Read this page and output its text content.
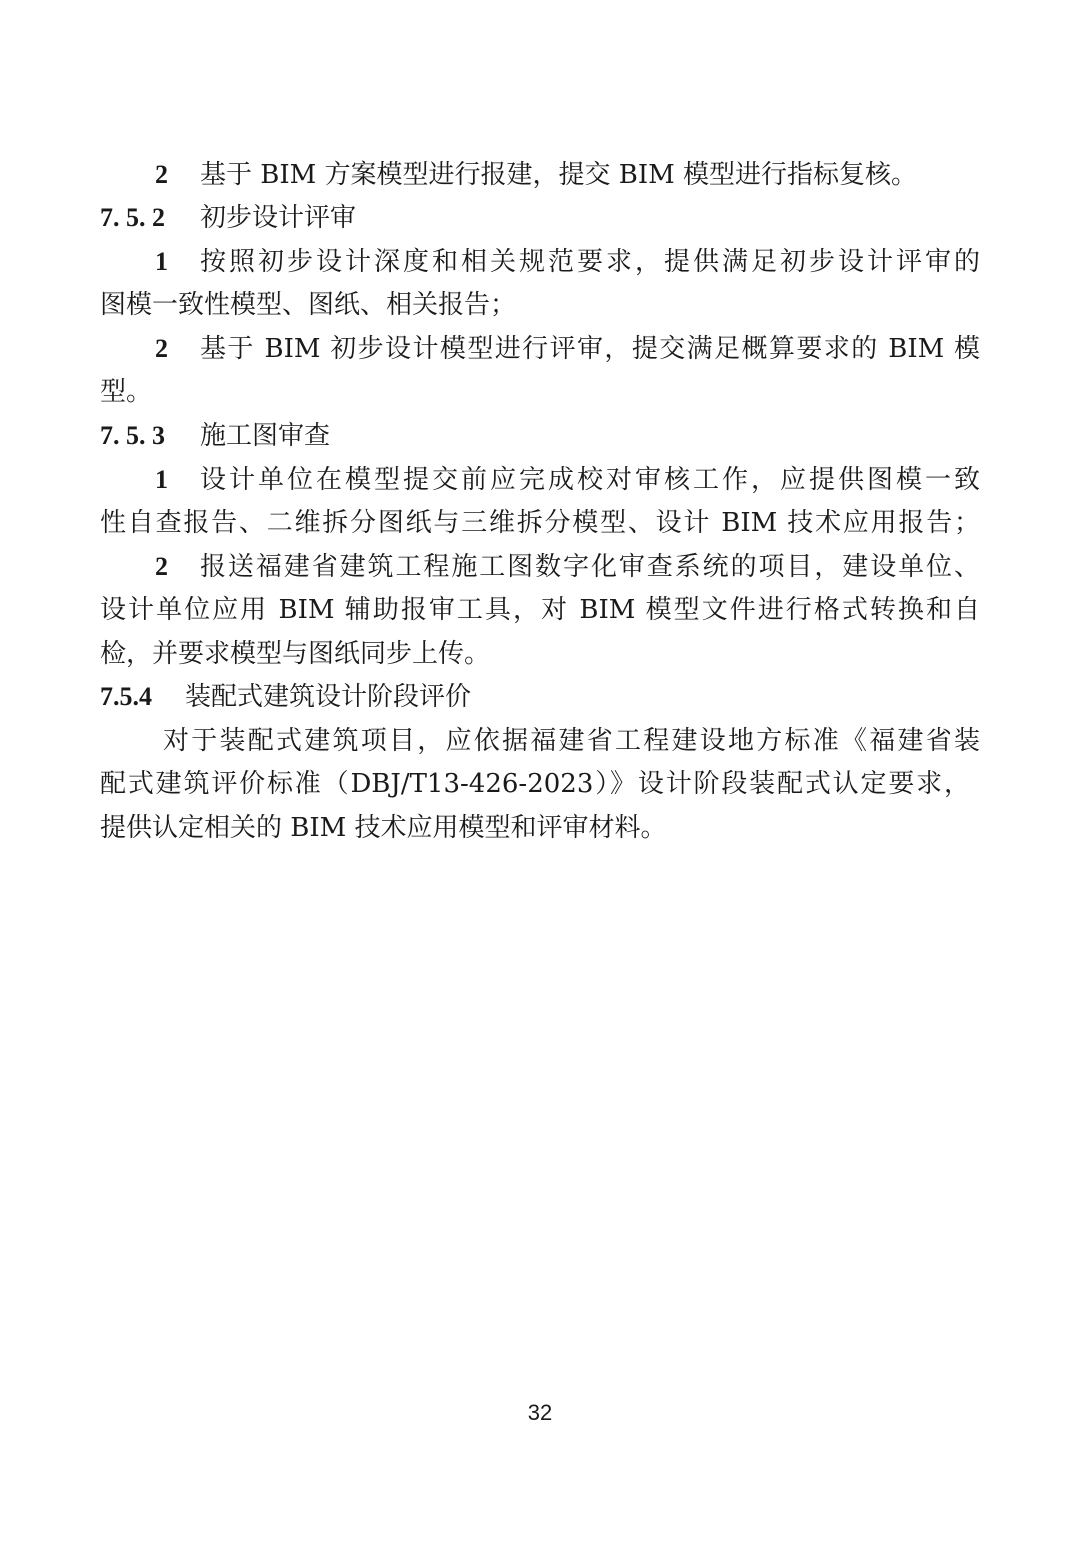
2 基于 BIM 方案模型进行报建，提交 BIM 模型进行指标复核。
7. 5. 2 初步设计评审
1 按照初步设计深度和相关规范要求，提供满足初步设计评审的
图模一致性模型、图纸、相关报告；
2 基于 BIM 初步设计模型进行评审，提交满足概算要求的 BIM 模
型。
7. 5. 3 施工图审查
1 设计单位在模型提交前应完成校对审核工作，应提供图模一致
性自查报告、二维拆分图纸与三维拆分模型、设计 BIM 技术应用报告；
2 报送福建省建筑工程施工图数字化审查系统的项目，建设单位、
设计单位应用 BIM 辅助报审工具，对 BIM 模型文件进行格式转换和自
检，并要求模型与图纸同步上传。
7.5.4 装配式建筑设计阶段评价
对于装配式建筑项目，应依据福建省工程建设地方标准《福建省装
配式建筑评价标准（DBJ/T13-426-2023）》设计阶段装配式认定要求，
提供认定相关的 BIM 技术应用模型和评审材料。
32
